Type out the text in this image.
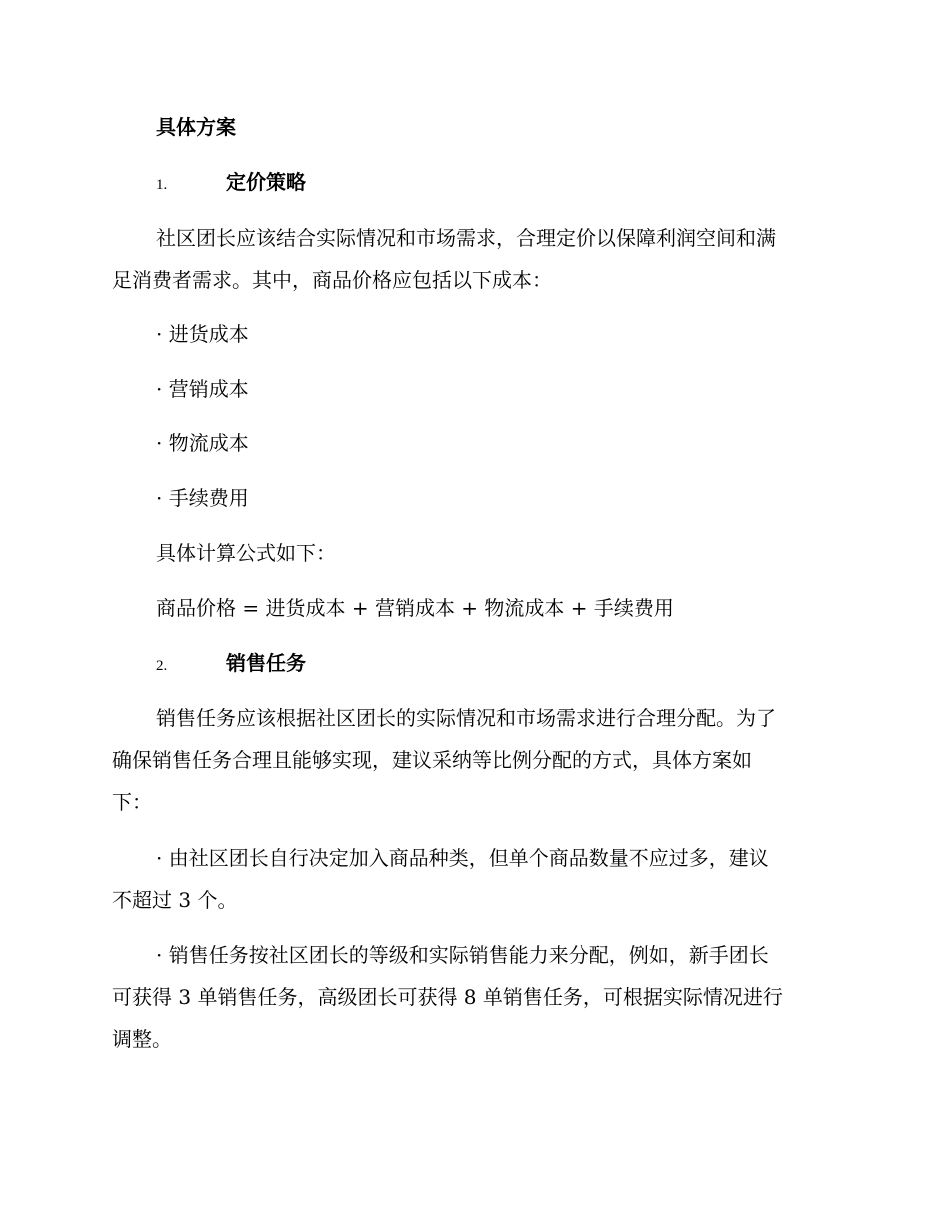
具体方案
1.	定价策略
社区团长应该结合实际情况和市场需求，合理定价以保障利润空间和满
足消费者需求。其中，商品价格应包括以下成本：
· 进货成本
· 营销成本
· 物流成本
· 手续费用
具体计算公式如下：
商品价格 = 进货成本 + 营销成本 + 物流成本 + 手续费用
2.	销售任务
销售任务应该根据社区团长的实际情况和市场需求进行合理分配。为了
确保销售任务合理且能够实现，建议采纳等比例分配的方式，具体方案如
下：
· 由社区团长自行决定加入商品种类，但单个商品数量不应过多，建议
不超过 3 个。
· 销售任务按社区团长的等级和实际销售能力来分配，例如，新手团长
可获得 3 单销售任务，高级团长可获得 8 单销售任务，可根据实际情况进行
调整。
